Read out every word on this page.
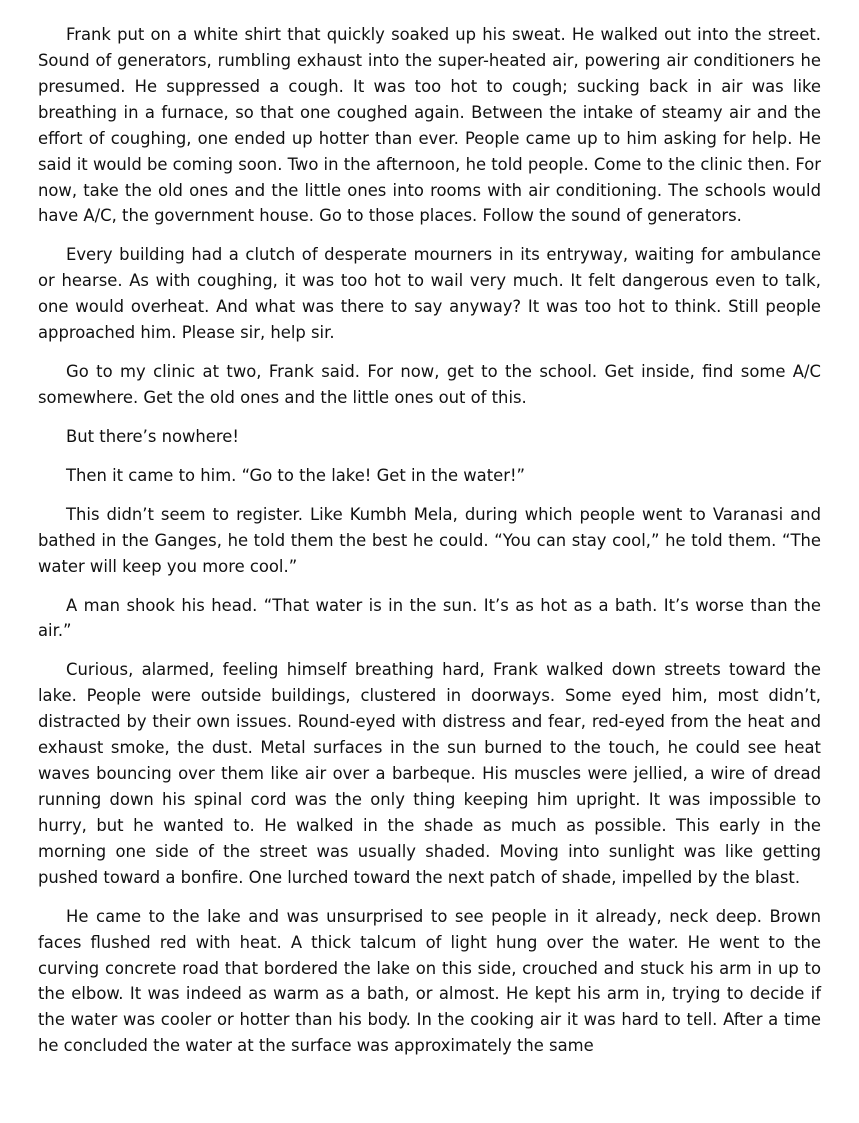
Frank put on a white shirt that quickly soaked up his sweat. He walked out into the street. Sound of generators, rumbling exhaust into the super-heated air, powering air conditioners he presumed. He suppressed a cough. It was too hot to cough; sucking back in air was like breathing in a furnace, so that one coughed again. Between the intake of steamy air and the effort of coughing, one ended up hotter than ever. People came up to him asking for help. He said it would be coming soon. Two in the afternoon, he told people. Come to the clinic then. For now, take the old ones and the little ones into rooms with air conditioning. The schools would have A/C, the government house. Go to those places. Follow the sound of generators.

Every building had a clutch of desperate mourners in its entryway, waiting for ambulance or hearse. As with coughing, it was too hot to wail very much. It felt dangerous even to talk, one would overheat. And what was there to say anyway? It was too hot to think. Still people approached him. Please sir, help sir.

Go to my clinic at two, Frank said. For now, get to the school. Get inside, find some A/C somewhere. Get the old ones and the little ones out of this.

But there’s nowhere!

Then it came to him. “Go to the lake! Get in the water!”

This didn’t seem to register. Like Kumbh Mela, during which people went to Varanasi and bathed in the Ganges, he told them the best he could. “You can stay cool,” he told them. “The water will keep you more cool.”

A man shook his head. “That water is in the sun. It’s as hot as a bath. It’s worse than the air.”

Curious, alarmed, feeling himself breathing hard, Frank walked down streets toward the lake. People were outside buildings, clustered in doorways. Some eyed him, most didn’t, distracted by their own issues. Round-eyed with distress and fear, red-eyed from the heat and exhaust smoke, the dust. Metal surfaces in the sun burned to the touch, he could see heat waves bouncing over them like air over a barbeque. His muscles were jellied, a wire of dread running down his spinal cord was the only thing keeping him upright. It was impossible to hurry, but he wanted to. He walked in the shade as much as possible. This early in the morning one side of the street was usually shaded. Moving into sunlight was like getting pushed toward a bonfire. One lurched toward the next patch of shade, impelled by the blast.

He came to the lake and was unsurprised to see people in it already, neck deep. Brown faces flushed red with heat. A thick talcum of light hung over the water. He went to the curving concrete road that bordered the lake on this side, crouched and stuck his arm in up to the elbow. It was indeed as warm as a bath, or almost. He kept his arm in, trying to decide if the water was cooler or hotter than his body. In the cooking air it was hard to tell. After a time he concluded the water at the surface was approximately the same
